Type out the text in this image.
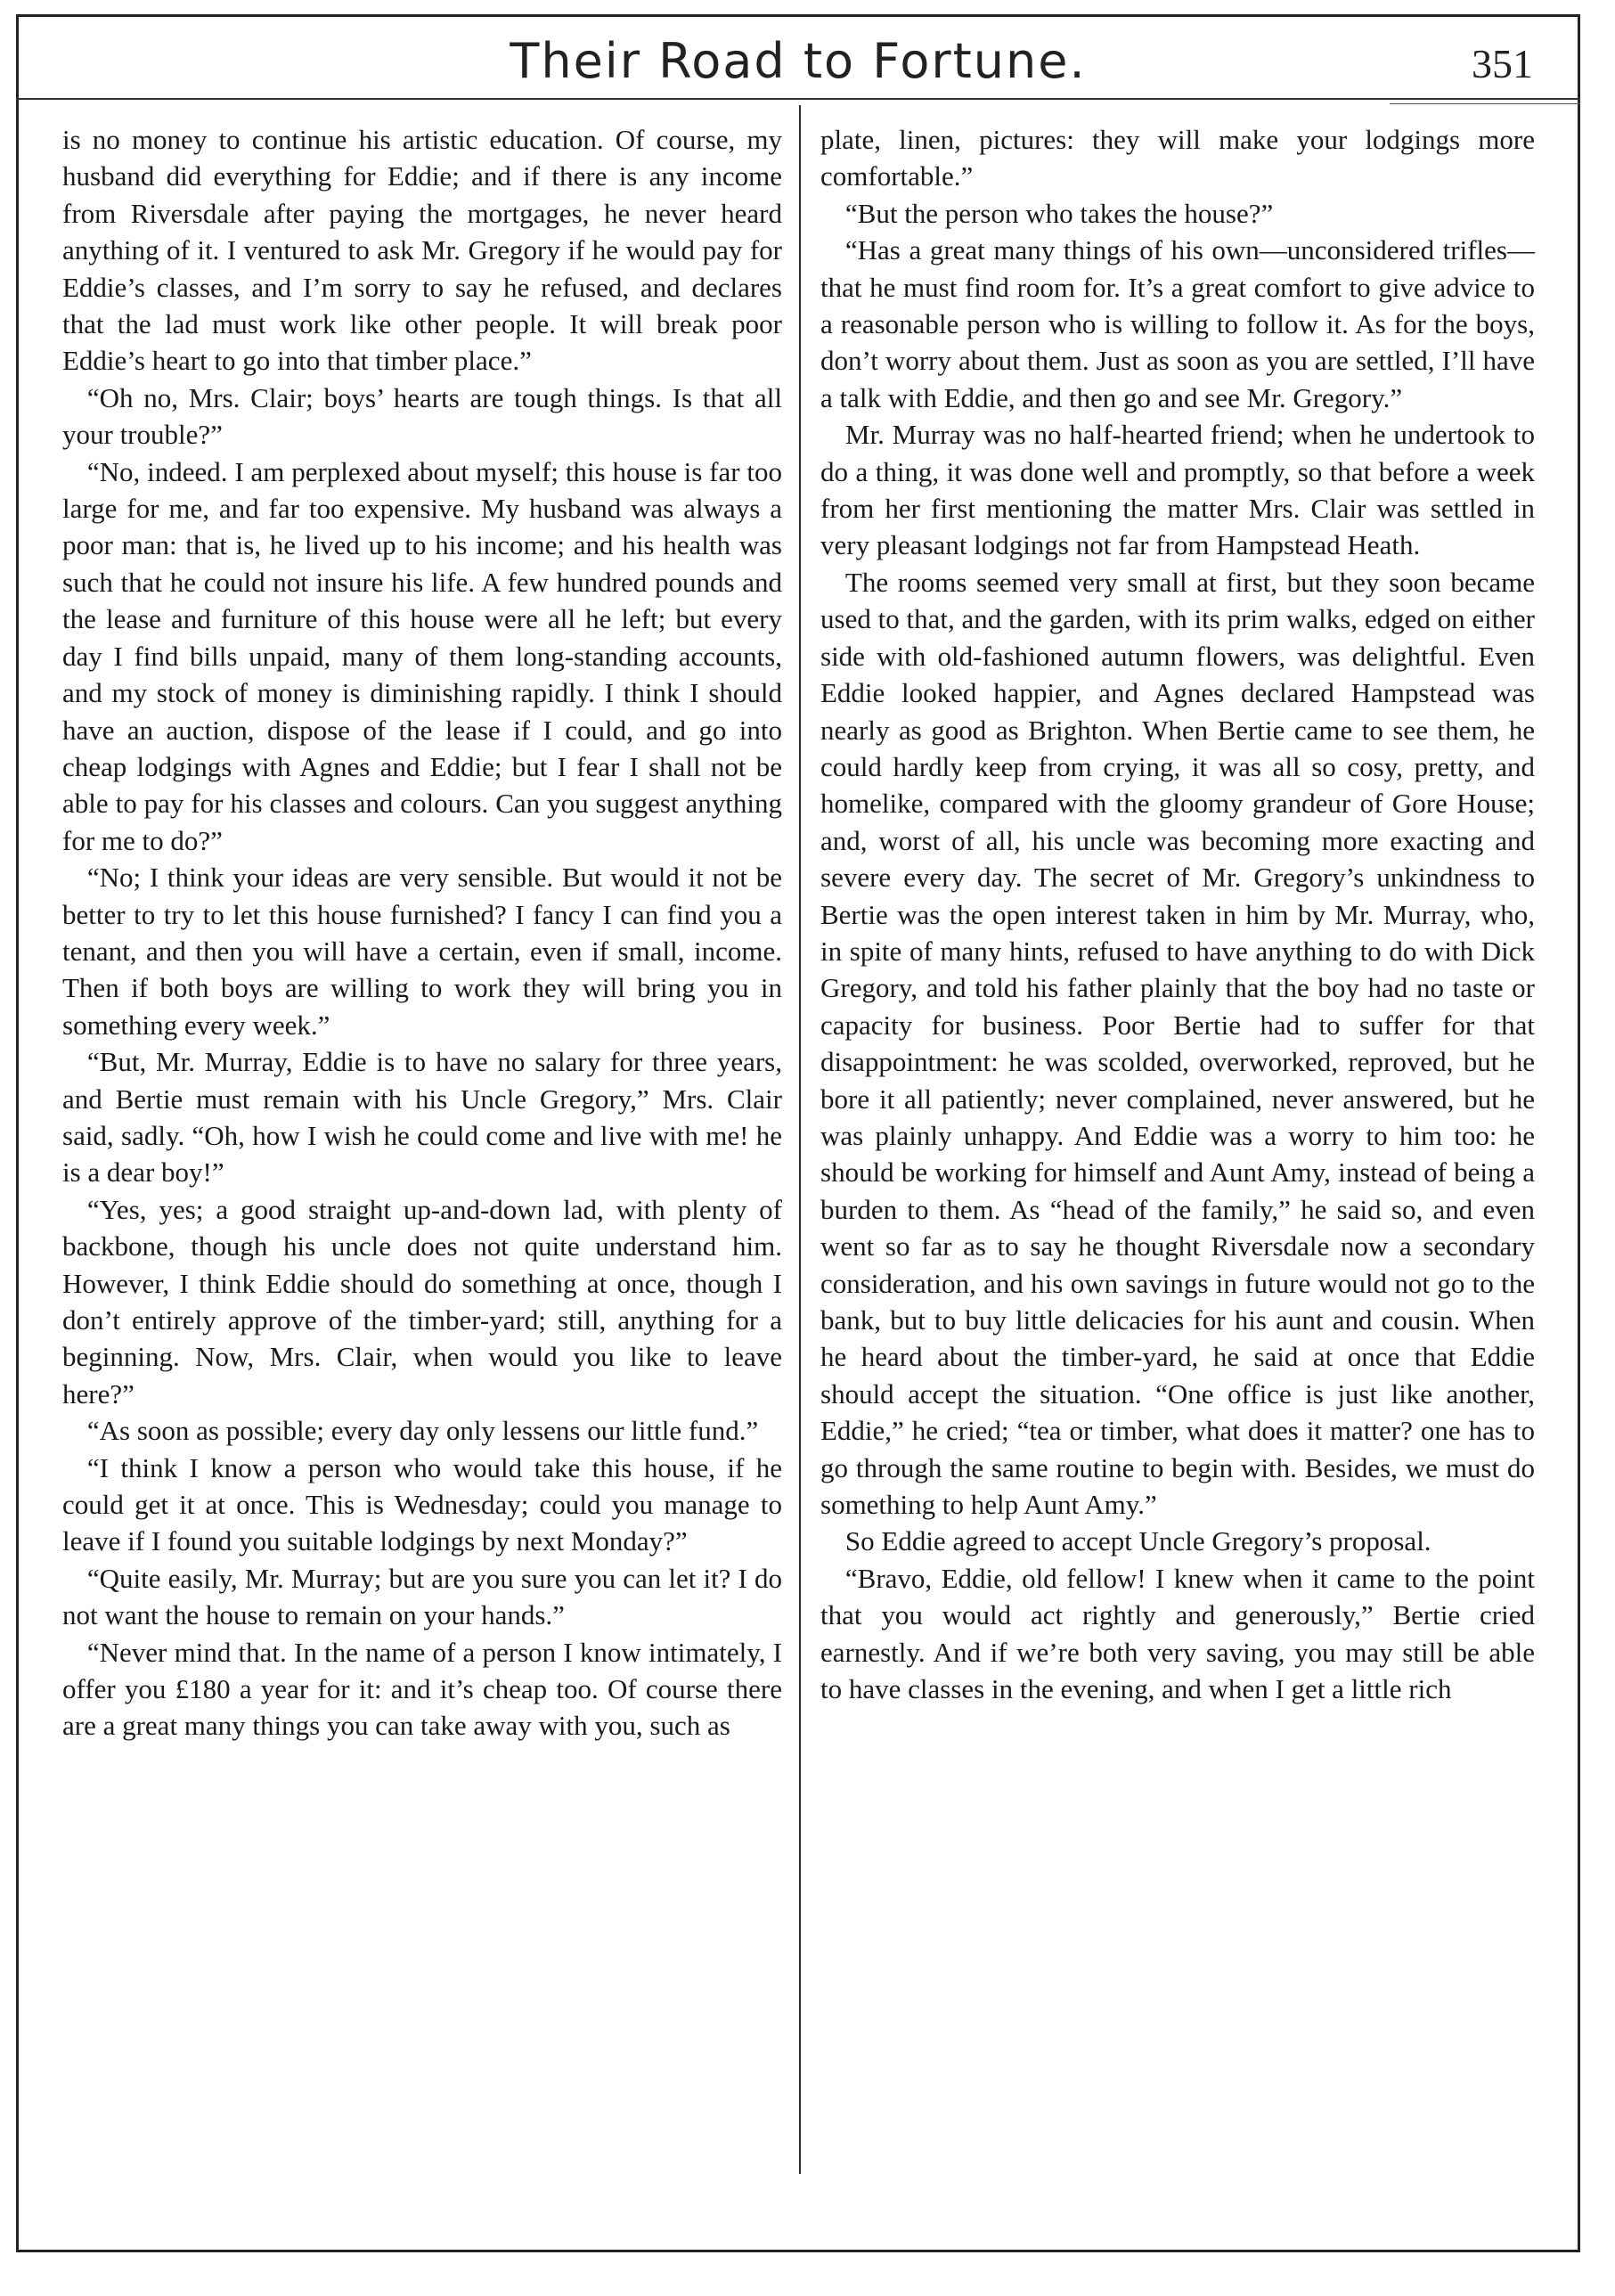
Their Road to Fortune.	351

is no money to continue his artistic education. Of course, my husband did everything for Eddie; and if there is any income from Riversdale after paying the mortgages, he never heard anything of it. I ventured to ask Mr. Gregory if he would pay for Eddie’s classes, and I’m sorry to say he refused, and declares that the lad must work like other people. It will break poor Eddie’s heart to go into that timber place.”

“Oh no, Mrs. Clair; boys’ hearts are tough things. Is that all your trouble?”

“No, indeed. I am perplexed about myself; this house is far too large for me, and far too expensive. My husband was always a poor man: that is, he lived up to his income; and his health was such that he could not insure his life. A few hundred pounds and the lease and furniture of this house were all he left; but every day I find bills unpaid, many of them long-standing accounts, and my stock of money is diminishing rapidly. I think I should have an auction, dispose of the lease if I could, and go into cheap lodgings with Agnes and Eddie; but I fear I shall not be able to pay for his classes and colours. Can you suggest anything for me to do?”

“No; I think your ideas are very sensible. But would it not be better to try to let this house furnished? I fancy I can find you a tenant, and then you will have a certain, even if small, income. Then if both boys are willing to work they will bring you in something every week.”

“But, Mr. Murray, Eddie is to have no salary for three years, and Bertie must remain with his Uncle Gregory,” Mrs. Clair said, sadly. “Oh, how I wish he could come and live with me! he is a dear boy!”

“Yes, yes; a good straight up-and-down lad, with plenty of backbone, though his uncle does not quite understand him. However, I think Eddie should do something at once, though I don’t entirely approve of the timber-yard; still, anything for a beginning. Now, Mrs. Clair, when would you like to leave here?”

“As soon as possible; every day only lessens our little fund.”

“I think I know a person who would take this house, if he could get it at once. This is Wednesday; could you manage to leave if I found you suitable lodgings by next Monday?”

“Quite easily, Mr. Murray; but are you sure you can let it? I do not want the house to remain on your hands.”

“Never mind that. In the name of a person I know intimately, I offer you £180 a year for it: and it’s cheap too. Of course there are a great many things you can take away with you, such as

plate, linen, pictures: they will make your lodgings more comfortable.”

“But the person who takes the house?”

“Has a great many things of his own—unconsidered trifles—that he must find room for. It’s a great comfort to give advice to a reasonable person who is willing to follow it. As for the boys, don’t worry about them. Just as soon as you are settled, I’ll have a talk with Eddie, and then go and see Mr. Gregory.”

Mr. Murray was no half-hearted friend; when he undertook to do a thing, it was done well and promptly, so that before a week from her first mentioning the matter Mrs. Clair was settled in very pleasant lodgings not far from Hampstead Heath.

The rooms seemed very small at first, but they soon became used to that, and the garden, with its prim walks, edged on either side with old-fashioned autumn flowers, was delightful. Even Eddie looked happier, and Agnes declared Hampstead was nearly as good as Brighton. When Bertie came to see them, he could hardly keep from crying, it was all so cosy, pretty, and homelike, compared with the gloomy grandeur of Gore House; and, worst of all, his uncle was becoming more exacting and severe every day. The secret of Mr. Gregory’s unkindness to Bertie was the open interest taken in him by Mr. Murray, who, in spite of many hints, refused to have anything to do with Dick Gregory, and told his father plainly that the boy had no taste or capacity for business. Poor Bertie had to suffer for that disappointment: he was scolded, overworked, reproved, but he bore it all patiently; never complained, never answered, but he was plainly unhappy. And Eddie was a worry to him too: he should be working for himself and Aunt Amy, instead of being a burden to them. As “head of the family,” he said so, and even went so far as to say he thought Riversdale now a secondary consideration, and his own savings in future would not go to the bank, but to buy little delicacies for his aunt and cousin. When he heard about the timber-yard, he said at once that Eddie should accept the situation. “One office is just like another, Eddie,” he cried; “tea or timber, what does it matter? one has to go through the same routine to begin with. Besides, we must do something to help Aunt Amy.”

So Eddie agreed to accept Uncle Gregory’s proposal.

“Bravo, Eddie, old fellow! I knew when it came to the point that you would act rightly and generously,” Bertie cried earnestly. And if we’re both very saving, you may still be able to have classes in the evening, and when I get a little rich
